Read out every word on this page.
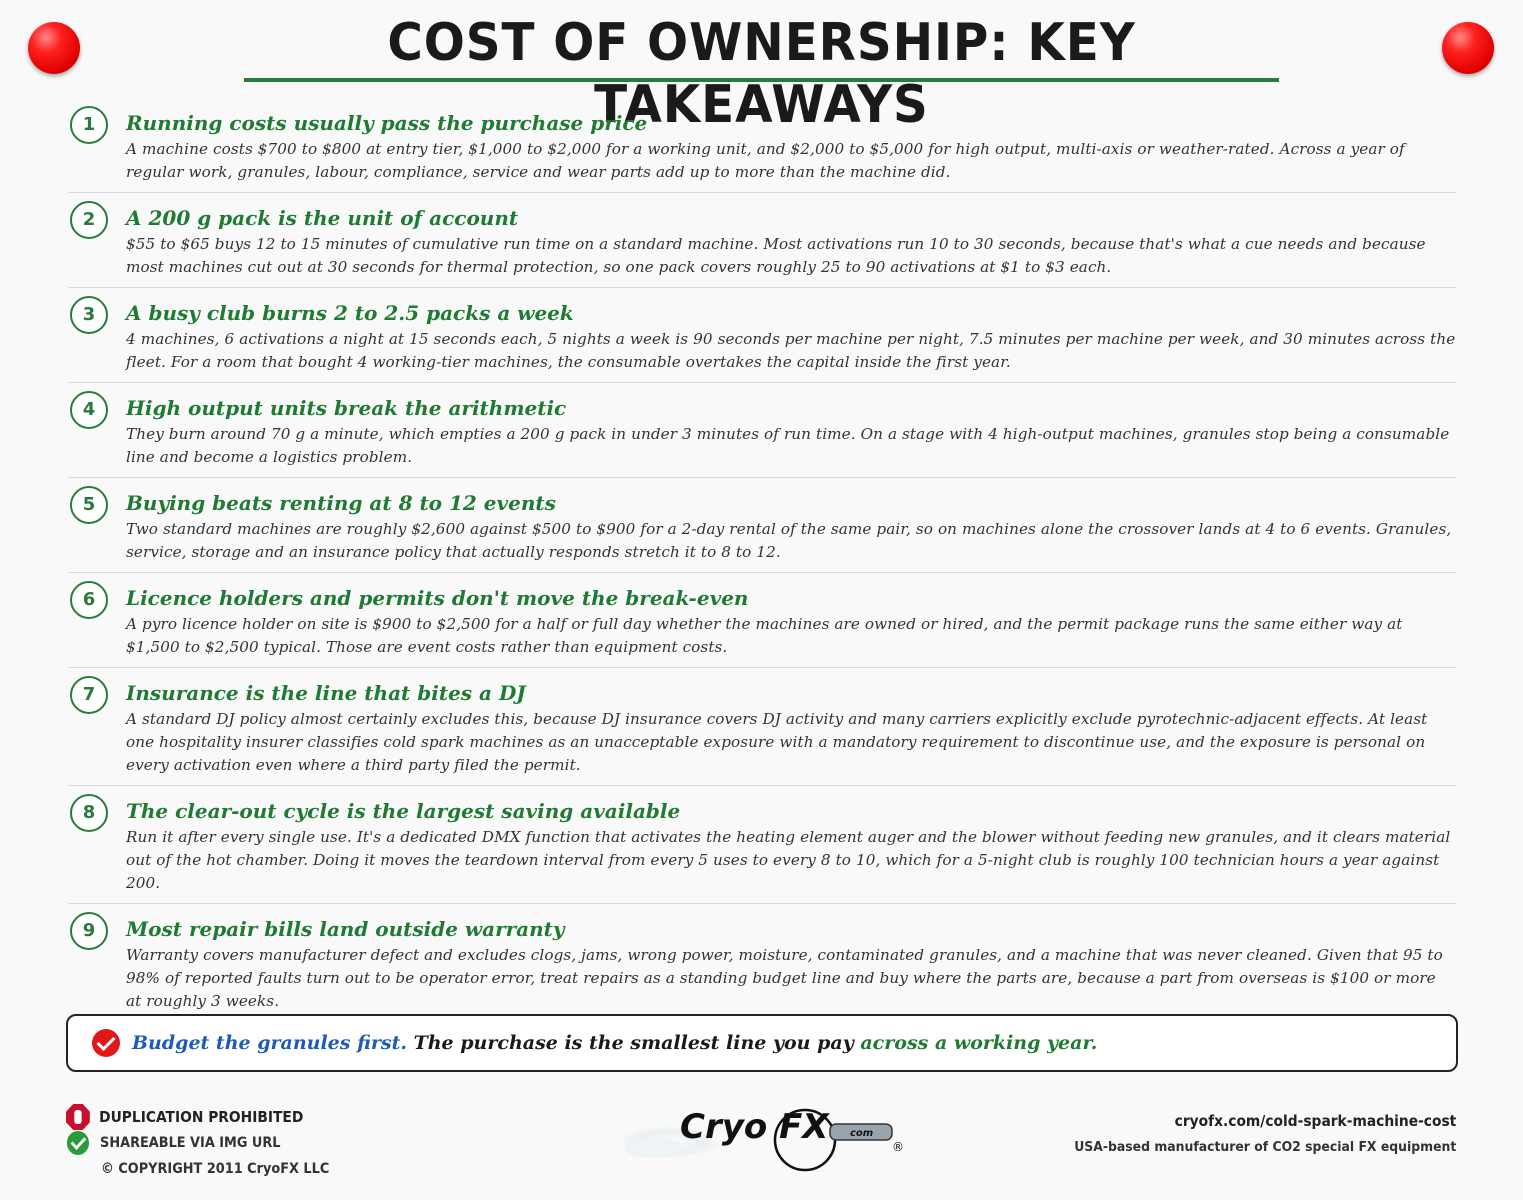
COST OF OWNERSHIP: KEY TAKEAWAYS
1	Running costs usually pass the purchase price
A machine costs $700 to $800 at entry tier, $1,000 to $2,000 for a working unit, and $2,000 to $5,000 for high output, multi-axis or weather-rated. Across a year of regular work, granules, labour, compliance, service and wear parts add up to more than the machine did.
2	A 200 g pack is the unit of account
$55 to $65 buys 12 to 15 minutes of cumulative run time on a standard machine. Most activations run 10 to 30 seconds, because that's what a cue needs and because most machines cut out at 30 seconds for thermal protection, so one pack covers roughly 25 to 90 activations at $1 to $3 each.
3	A busy club burns 2 to 2.5 packs a week
4 machines, 6 activations a night at 15 seconds each, 5 nights a week is 90 seconds per machine per night, 7.5 minutes per machine per week, and 30 minutes across the fleet. For a room that bought 4 working-tier machines, the consumable overtakes the capital inside the first year.
4	High output units break the arithmetic
They burn around 70 g a minute, which empties a 200 g pack in under 3 minutes of run time. On a stage with 4 high-output machines, granules stop being a consumable line and become a logistics problem.
5	Buying beats renting at 8 to 12 events
Two standard machines are roughly $2,600 against $500 to $900 for a 2-day rental of the same pair, so on machines alone the crossover lands at 4 to 6 events. Granules, service, storage and an insurance policy that actually responds stretch it to 8 to 12.
6	Licence holders and permits don't move the break-even
A pyro licence holder on site is $900 to $2,500 for a half or full day whether the machines are owned or hired, and the permit package runs the same either way at $1,500 to $2,500 typical. Those are event costs rather than equipment costs.
7	Insurance is the line that bites a DJ
A standard DJ policy almost certainly excludes this, because DJ insurance covers DJ activity and many carriers explicitly exclude pyrotechnic-adjacent effects. At least one hospitality insurer classifies cold spark machines as an unacceptable exposure with a mandatory requirement to discontinue use, and the exposure is personal on every activation even where a third party filed the permit.
8	The clear-out cycle is the largest saving available
Run it after every single use. It's a dedicated DMX function that activates the heating element auger and the blower without feeding new granules, and it clears material out of the hot chamber. Doing it moves the teardown interval from every 5 uses to every 8 to 10, which for a 5-night club is roughly 100 technician hours a year against 200.
9	Most repair bills land outside warranty
Warranty covers manufacturer defect and excludes clogs, jams, wrong power, moisture, contaminated granules, and a machine that was never cleaned. Given that 95 to 98% of reported faults turn out to be operator error, treat repairs as a standing budget line and buy where the parts are, because a part from overseas is $100 or more at roughly 3 weeks.
Budget the granules first. The purchase is the smallest line you pay across a working year.
DUPLICATION PROHIBITED
SHAREABLE VIA IMG URL
© COPYRIGHT 2011 CryoFX LLC
Cryo FX com
®
cryofx.com/cold-spark-machine-cost
USA-based manufacturer of CO2 special FX equipment
